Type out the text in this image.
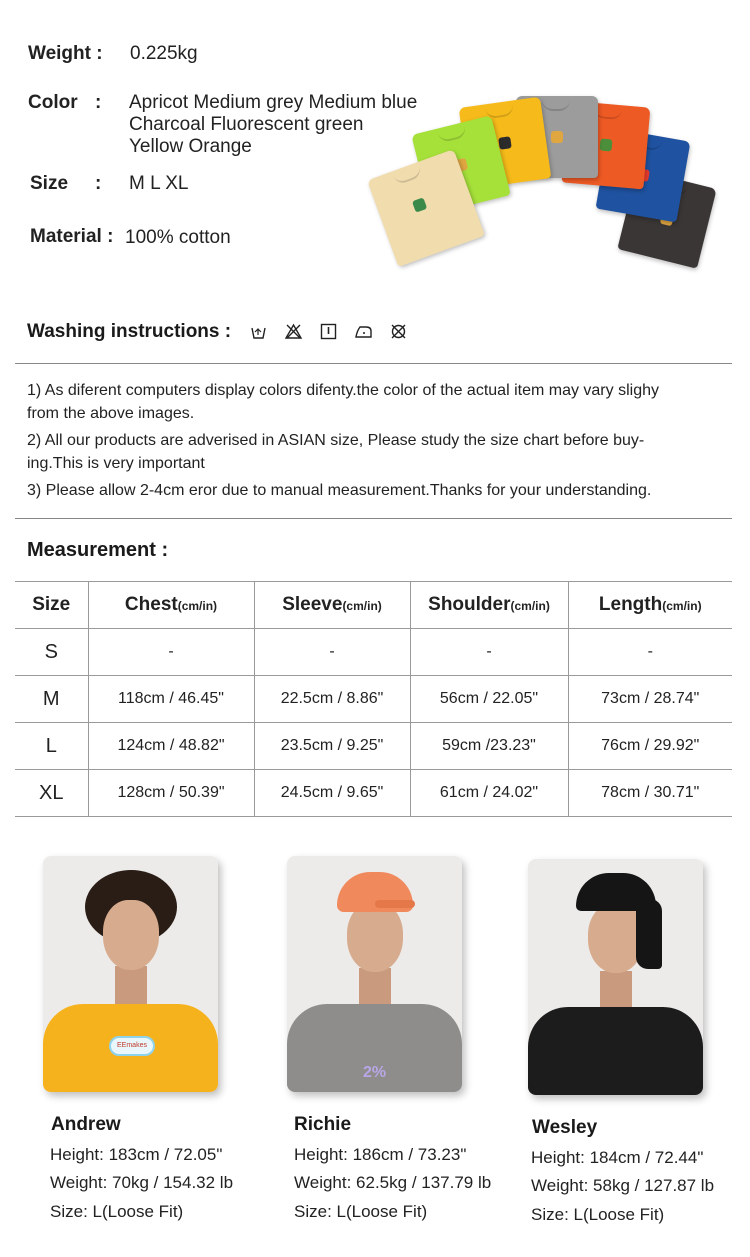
Weight : 0.225kg
Color : Apricot Medium grey Medium blue
Charcoal Fluorescent green
Yellow Orange
Size : M L XL
Material : 100% cotton
Washing instructions :
1) As diferent computers display colors difenty.the color of the actual item may vary slighy
from the above images.
2) All our products are adverised in ASIAN size, Please study the size chart before buy-
ing.This is very important
3) Please allow 2-4cm eror due to manual measurement.Thanks for your understanding.
Measurement :
Size	Chest(cm/in)	Sleeve(cm/in)	Shoulder(cm/in)	Length(cm/in)
S	-	-	-	-
M	118cm / 46.45"	22.5cm / 8.86"	56cm / 22.05"	73cm / 28.74"
L	124cm / 48.82"	23.5cm / 9.25"	59cm /23.23"	76cm / 29.92"
XL	128cm / 50.39"	24.5cm / 9.65"	61cm / 24.02"	78cm / 30.71"
EEmakes
Andrew
Height: 183cm / 72.05"
Weight: 70kg / 154.32 lb
Size: L(Loose Fit)
2%
Richie
Height: 186cm / 73.23"
Weight: 62.5kg / 137.79 lb
Size: L(Loose Fit)
Wesley
Height: 184cm / 72.44"
Weight: 58kg / 127.87 lb
Size: L(Loose Fit)
